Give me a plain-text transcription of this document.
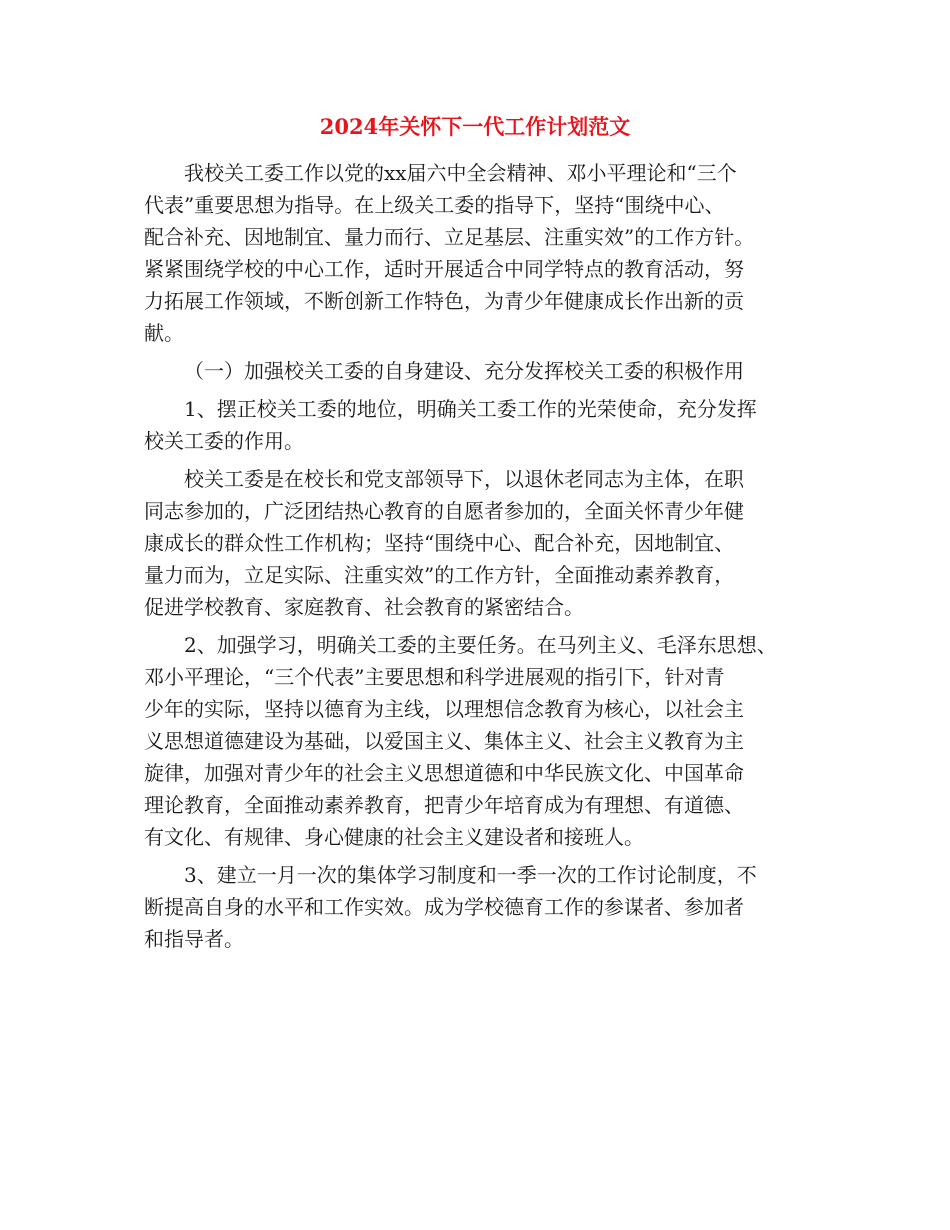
2024年关怀下一代工作计划范文
我校关工委工作以党的xx届六中全会精神、邓小平理论和“三个
代表”重要思想为指导。在上级关工委的指导下，坚持“围绕中心、
配合补充、因地制宜、量力而行、立足基层、注重实效”的工作方针。
紧紧围绕学校的中心工作，适时开展适合中同学特点的教育活动，努
力拓展工作领域，不断创新工作特色，为青少年健康成长作出新的贡
献。
（一）加强校关工委的自身建设、充分发挥校关工委的积极作用
1、摆正校关工委的地位，明确关工委工作的光荣使命，充分发挥
校关工委的作用。
校关工委是在校长和党支部领导下，以退休老同志为主体，在职
同志参加的，广泛团结热心教育的自愿者参加的，全面关怀青少年健
康成长的群众性工作机构；坚持“围绕中心、配合补充，因地制宜、
量力而为，立足实际、注重实效”的工作方针，全面推动素养教育，
促进学校教育、家庭教育、社会教育的紧密结合。
2、加强学习，明确关工委的主要任务。在马列主义、毛泽东思想、
邓小平理论，“三个代表”主要思想和科学进展观的指引下，针对青
少年的实际，坚持以德育为主线，以理想信念教育为核心，以社会主
义思想道德建设为基础，以爱国主义、集体主义、社会主义教育为主
旋律，加强对青少年的社会主义思想道德和中华民族文化、中国革命
理论教育，全面推动素养教育，把青少年培育成为有理想、有道德、
有文化、有规律、身心健康的社会主义建设者和接班人。
3、建立一月一次的集体学习制度和一季一次的工作讨论制度，不
断提高自身的水平和工作实效。成为学校德育工作的参谋者、参加者
和指导者。
